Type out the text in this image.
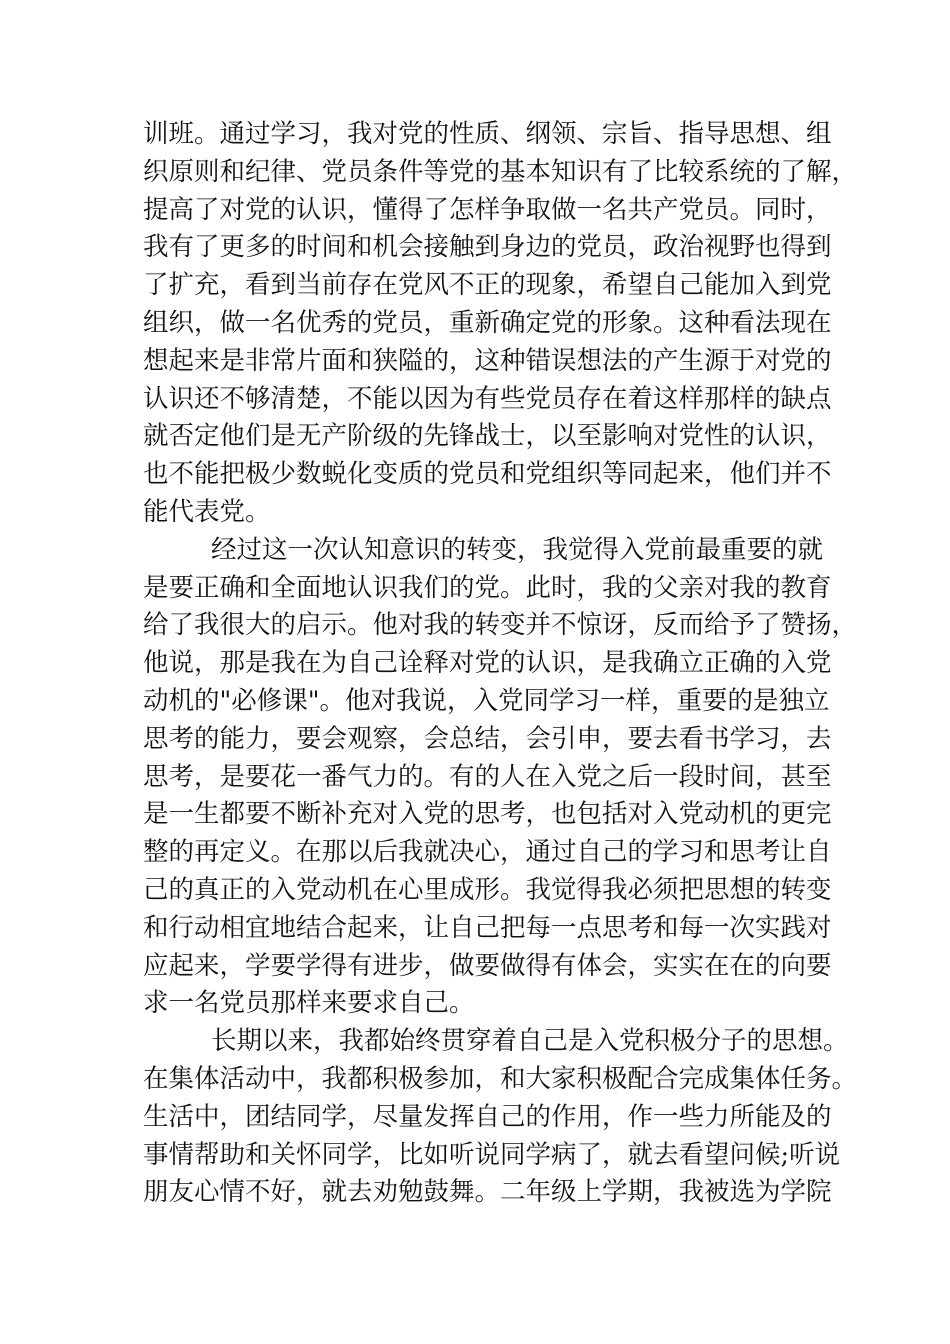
训班。通过学习，我对党的性质、纲领、宗旨、指导思想、组
织原则和纪律、党员条件等党的基本知识有了比较系统的了解，
提高了对党的认识，懂得了怎样争取做一名共产党员。同时，
我有了更多的时间和机会接触到身边的党员，政治视野也得到
了扩充，看到当前存在党风不正的现象，希望自己能加入到党
组织，做一名优秀的党员，重新确定党的形象。这种看法现在
想起来是非常片面和狭隘的，这种错误想法的产生源于对党的
认识还不够清楚，不能以因为有些党员存在着这样那样的缺点
就否定他们是无产阶级的先锋战士，以至影响对党性的认识，
也不能把极少数蜕化变质的党员和党组织等同起来，他们并不
能代表党。
经过这一次认知意识的转变，我觉得入党前最重要的就
是要正确和全面地认识我们的党。此时，我的父亲对我的教育
给了我很大的启示。他对我的转变并不惊讶，反而给予了赞扬，
他说，那是我在为自己诠释对党的认识，是我确立正确的入党
动机的"必修课"。他对我说，入党同学习一样，重要的是独立
思考的能力，要会观察，会总结，会引申，要去看书学习，去
思考，是要花一番气力的。有的人在入党之后一段时间，甚至
是一生都要不断补充对入党的思考，也包括对入党动机的更完
整的再定义。在那以后我就决心，通过自己的学习和思考让自
己的真正的入党动机在心里成形。我觉得我必须把思想的转变
和行动相宜地结合起来，让自己把每一点思考和每一次实践对
应起来，学要学得有进步，做要做得有体会，实实在在的向要
求一名党员那样来要求自己。
长期以来，我都始终贯穿着自己是入党积极分子的思想。
在集体活动中，我都积极参加，和大家积极配合完成集体任务。
生活中，团结同学，尽量发挥自己的作用，作一些力所能及的
事情帮助和关怀同学，比如听说同学病了，就去看望问候;听说
朋友心情不好，就去劝勉鼓舞。二年级上学期，我被选为学院
